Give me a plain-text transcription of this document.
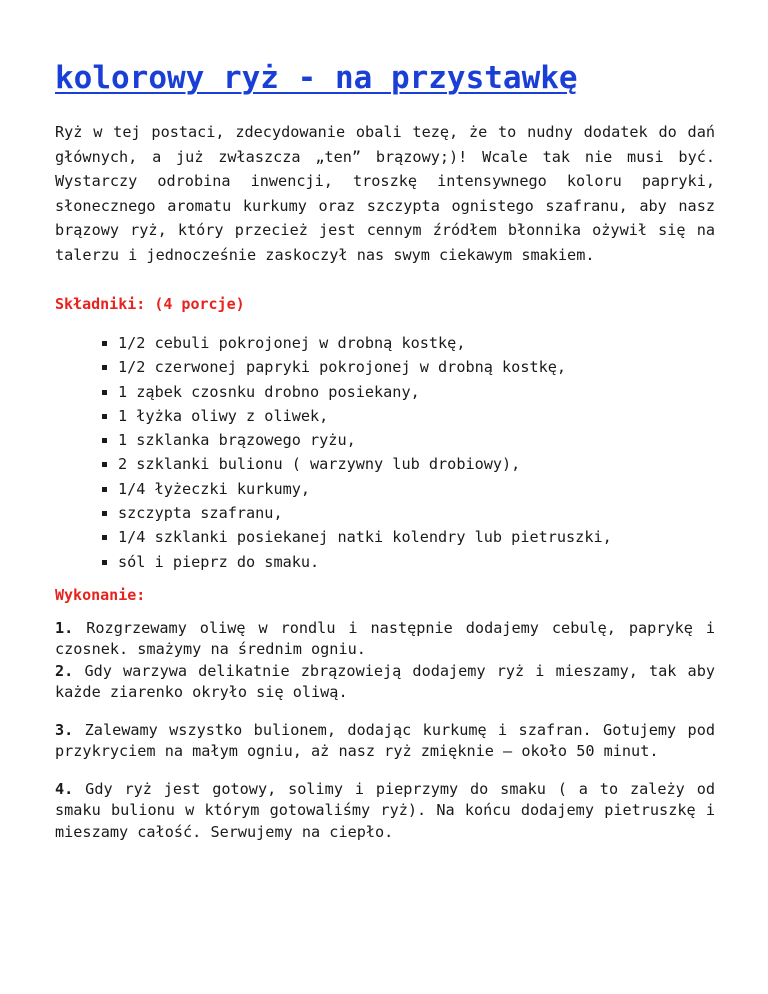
kolorowy ryż - na przystawkę

Ryż w tej postaci, zdecydowanie obali tezę, że to nudny dodatek do dań głównych, a już zwłaszcza „ten” brązowy;)! Wcale tak nie musi być. Wystarczy odrobina inwencji, troszkę intensywnego koloru papryki, słonecznego aromatu kurkumy oraz szczypta ognistego szafranu, aby nasz brązowy ryż, który przecież jest cennym źródłem błonnika ożywił się na talerzu i jednocześnie zaskoczył nas swym ciekawym smakiem.

Składniki: (4 porcje)
1/2 cebuli pokrojonej w drobną kostkę,
1/2 czerwonej papryki pokrojonej w drobną kostkę,
1 ząbek czosnku drobno posiekany,
1 łyżka oliwy z oliwek,
1 szklanka brązowego ryżu,
2 szklanki bulionu ( warzywny lub drobiowy),
1/4 łyżeczki kurkumy,
szczypta szafranu,
1/4 szklanki posiekanej natki kolendry lub pietruszki,
sól i pieprz do smaku.
Wykonanie:

1. Rozgrzewamy oliwę w rondlu i następnie dodajemy cebulę, paprykę i czosnek. smażymy na średnim ogniu.
2. Gdy warzywa delikatnie zbrązowieją dodajemy ryż i mieszamy, tak aby każde ziarenko okryło się oliwą.

3. Zalewamy wszystko bulionem, dodając kurkumę i szafran. Gotujemy pod przykryciem na małym ogniu, aż nasz ryż zmięknie – około 50 minut.

4. Gdy ryż jest gotowy, solimy i pieprzymy do smaku ( a to zależy od smaku bulionu w którym gotowaliśmy ryż). Na końcu dodajemy pietruszkę i mieszamy całość. Serwujemy na ciepło.
